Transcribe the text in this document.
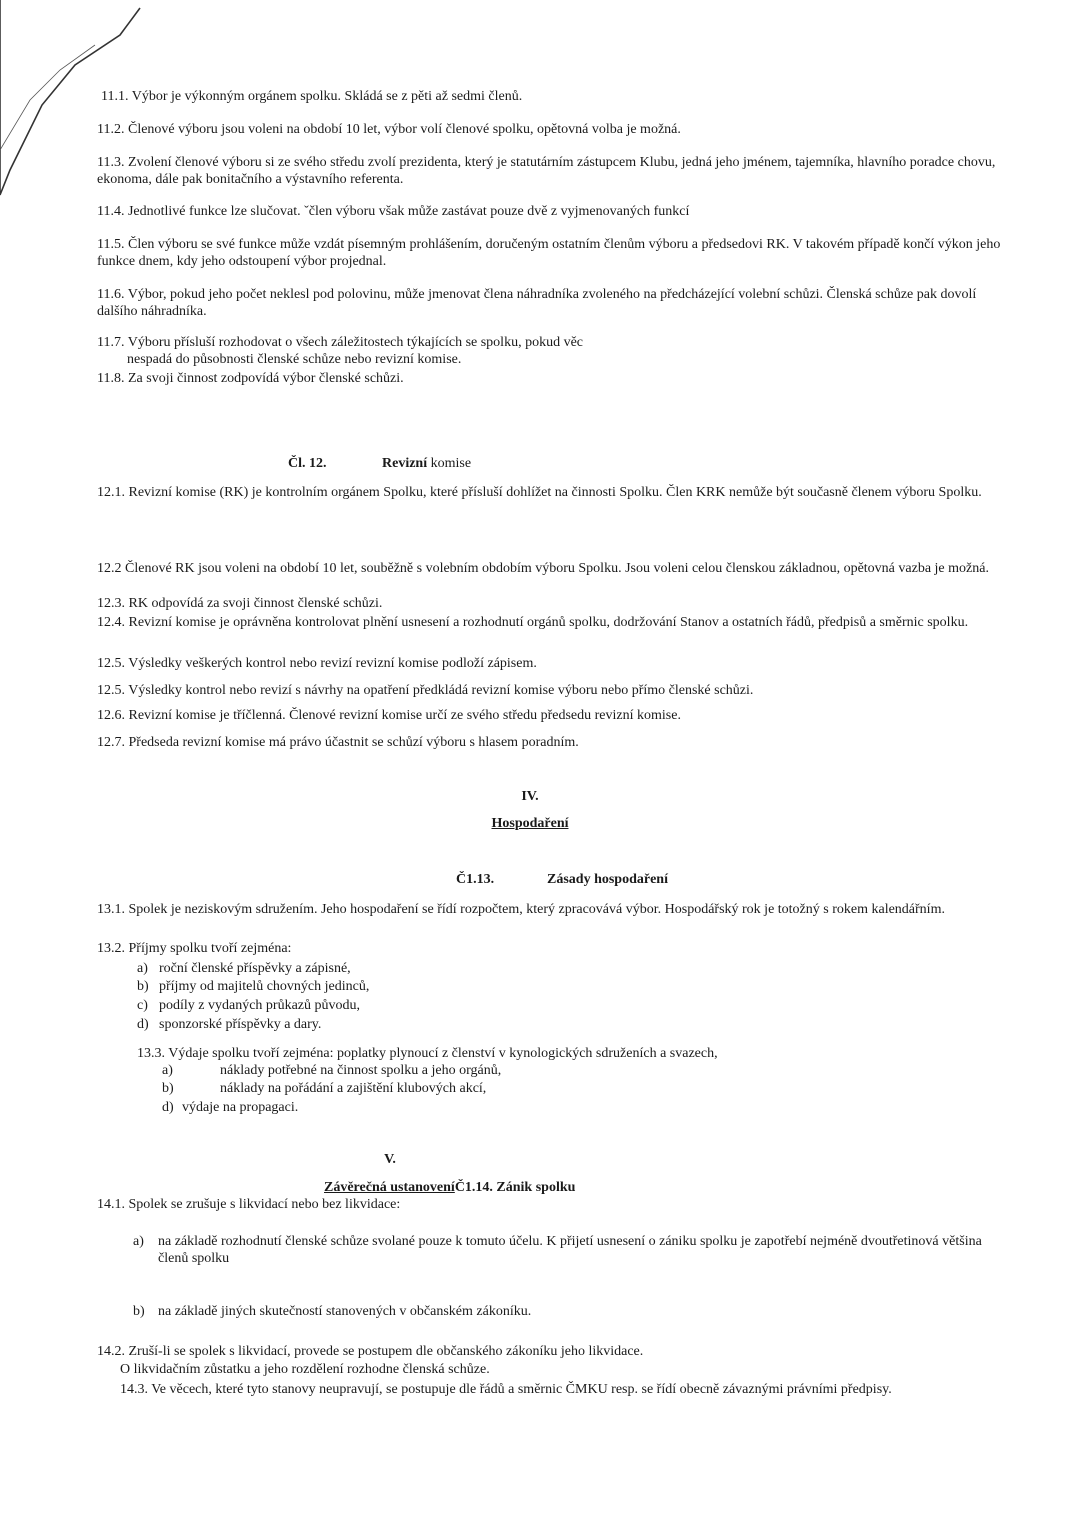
11.1. Výbor je výkonným orgánem spolku. Skládá se z pěti až sedmi členů.

11.2. Členové výboru jsou voleni na období 10 let, výbor volí členové spolku, opětovná volba je možná.

11.3. Zvolení členové výboru si ze svého středu zvolí prezidenta, který je statutárním zástupcem Klubu, jedná jeho jménem, tajemníka, hlavního poradce chovu, ekonoma, dále pak bonitačního a výstavního referenta.

11.4. Jednotlivé funkce lze slučovat. ˇčlen výboru však může zastávat pouze dvě z vyjmenovaných funkcí

11.5. Člen výboru se své funkce může vzdát písemným prohlášením, doručeným ostatním členům výboru a předsedovi RK. V takovém případě končí výkon jeho funkce dnem, kdy jeho odstoupení výbor projednal.

11.6. Výbor, pokud jeho počet neklesl pod polovinu, může jmenovat člena náhradníka zvoleného na předcházející volební schůzi. Členská schůze pak dovolí dalšího náhradníka.

11.7. Výboru přísluší rozhodovat o všech záležitostech týkajících se spolku, pokud věc

nespadá do působnosti členské schůze nebo revizní komise.

11.8. Za svoji činnost zodpovídá výbor členské schůzi.

Čl. 12.	Revizní komise

12.1. Revizní komise (RK) je kontrolním orgánem Spolku, které přísluší dohlížet na činnosti Spolku. Člen KRK nemůže být současně členem výboru Spolku.

12.2 Členové RK jsou voleni na období 10 let, souběžně s volebním obdobím výboru Spolku. Jsou voleni celou členskou základnou, opětovná vazba je možná.

12.3. RK odpovídá za svoji činnost členské schůzi.

12.4. Revizní komise je oprávněna kontrolovat plnění usnesení a rozhodnutí orgánů spolku, dodržování Stanov a ostatních řádů, předpisů a směrnic spolku.

12.5. Výsledky veškerých kontrol nebo revizí revizní komise podloží zápisem.

12.5. Výsledky kontrol nebo revizí s návrhy na opatření předkládá revizní komise výboru nebo přímo členské schůzi.

12.6. Revizní komise je tříčlenná. Členové revizní komise určí ze svého středu předsedu revizní komise.

12.7. Předseda revizní komise má právo účastnit se schůzí výboru s hlasem poradním.

IV.

Hospodaření

Č1.13.	Zásady hospodaření

13.1. Spolek je neziskovým sdružením. Jeho hospodaření se řídí rozpočtem, který zpracovává výbor. Hospodářský rok je totožný s rokem kalendářním.

13.2. Příjmy spolku tvoří zejména:

a) roční členské příspěvky a zápisné,

b) příjmy od majitelů chovných jedinců,

c) podíly z vydaných průkazů původu,

d) sponzorské příspěvky a dary.

13.3. Výdaje spolku tvoří zejména: poplatky plynoucí z členství v kynologických sdruženích a svazech,

a)	náklady potřebné na činnost spolku a jeho orgánů,

b)	náklady na pořádání a zajištění klubových akcí,

d) výdaje na propagaci.

V.

Závěrečná ustanoveníČ1.14. Zánik spolku

14.1. Spolek se zrušuje s likvidací nebo bez likvidace:

a)	na základě rozhodnutí členské schůze svolané pouze k tomuto účelu. K přijetí usnesení o zániku spolku je zapotřebí nejméně dvoutřetinová většina členů spolku

b) na základě jiných skutečností stanovených v občanském zákoníku.

14.2. Zruší-li se spolek s likvidací, provede se postupem dle občanského zákoníku jeho likvidace.

O likvidačním zůstatku a jeho rozdělení rozhodne členská schůze.

14.3. Ve věcech, které tyto stanovy neupravují, se postupuje dle řádů a směrnic ČMKU resp. se řídí obecně závaznými právními předpisy.
